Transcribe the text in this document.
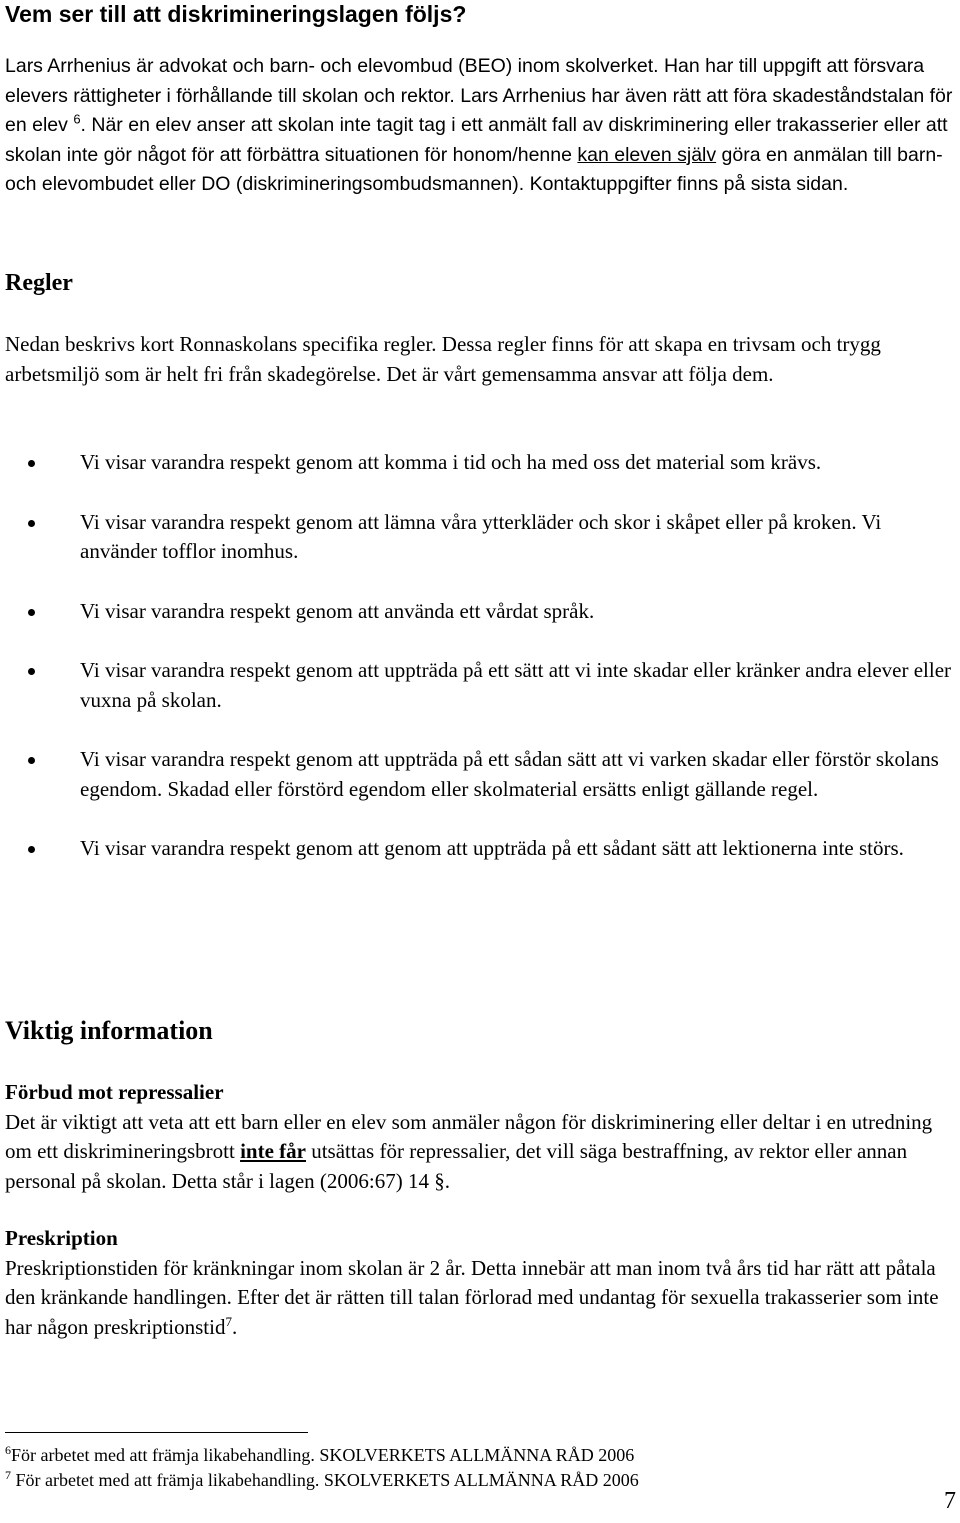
Vem ser till att diskrimineringslagen följs?

Lars Arrhenius är advokat och barn- och elevombud (BEO) inom skolverket. Han har till uppgift att försvara elevers rättigheter i förhållande till skolan och rektor. Lars Arrhenius har även rätt att föra skadeståndstalan för en elev $^6$. När en elev anser att skolan inte tagit tag i ett anmält fall av diskriminering eller trakasserier eller att skolan inte gör något för att förbättra situationen för honom/henne kan eleven själv göra en anmälan till barn- och elevombudet eller DO (diskrimineringsombudsmannen). Kontaktuppgifter finns på sista sidan.

Regler

Nedan beskrivs kort Ronnaskolans specifika regler. Dessa regler finns för att skapa en trivsam och trygg arbetsmiljö som är helt fri från skadegörelse. Det är vårt gemensamma ansvar att följa dem.

Vi visar varandra respekt genom att komma i tid och ha med oss det material som krävs.
Vi visar varandra respekt genom att lämna våra ytterkläder och skor i skåpet eller på kroken. Vi använder tofflor inomhus.
Vi visar varandra respekt genom att använda ett vårdat språk.
Vi visar varandra respekt genom att uppträda på ett sätt att vi inte skadar eller kränker andra elever eller vuxna på skolan.
Vi visar varandra respekt genom att uppträda på ett sådan sätt att vi varken skadar eller förstör skolans egendom. Skadad eller förstörd egendom eller skolmaterial ersätts enligt gällande regel.
Vi visar varandra respekt genom att genom att uppträda på ett sådant sätt att lektionerna inte störs.
Viktig information
Förbud mot repressalier

Det är viktigt att veta att ett barn eller en elev som anmäler någon för diskriminering eller deltar i en utredning om ett diskrimineringsbrott inte får utsättas för repressalier, det vill säga bestraffning, av rektor eller annan personal på skolan. Detta står i lagen (2006:67) 14 §.

Preskription

Preskriptionstiden för kränkningar inom skolan är 2 år. Detta innebär att man inom två års tid har rätt att påtala den kränkande handlingen. Efter det är rätten till talan förlorad med undantag för sexuella trakasserier som inte har någon preskriptionstid$^7$.

$^6$För arbetet med att främja likabehandling. SKOLVERKETS ALLMÄNNA RÅD 2006
$^7$ För arbetet med att främja likabehandling. SKOLVERKETS ALLMÄNNA RÅD 2006
7
